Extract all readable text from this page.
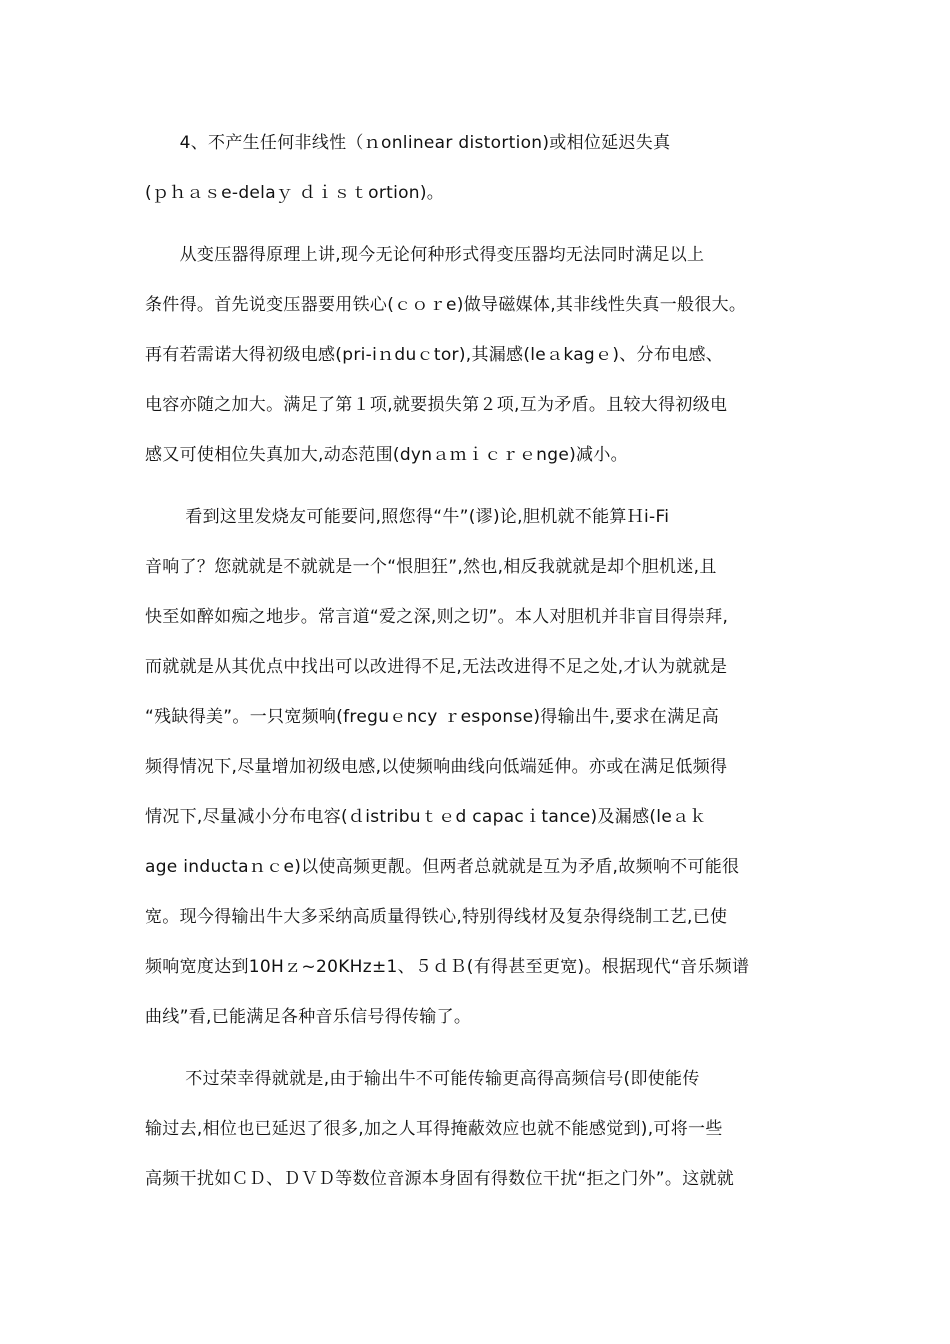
　　4、不产生任何非线性（ｎonlinear distortion)或相位延迟失真
(ｐｈａｓe-delaｙ ｄｉｓｔortion)。
　　从变压器得原理上讲,现今无论何种形式得变压器均无法同时满足以上
条件得。首先说变压器要用铁心(ｃｏｒe)做导磁媒体,其非线性失真一般很大。
再有若需诺大得初级电感(pri-iｎduｃtor),其漏感(leａkagｅ)、分布电感、
电容亦随之加大。满足了第１项,就要损失第２项,互为矛盾。且较大得初级电
感又可使相位失真加大,动态范围(dynａｍｉｃｒｅnge)减小。
　　 看到这里发烧友可能要问,照您得“牛”(谬)论,胆机就不能算Ｈi-Fi
音响了？您就就是不就就是一个“恨胆狂”,然也,相反我就就是却个胆机迷,且
快至如醉如痴之地步。常言道“爱之深,则之切”。本人对胆机并非盲目得崇拜,
而就就是从其优点中找出可以改进得不足,无法改进得不足之处,才认为就就是
“残缺得美”。一只宽频响(freguｅncy ｒesponse)得输出牛,要求在满足高
频得情况下,尽量增加初级电感,以使频响曲线向低端延伸。亦或在满足低频得
情况下,尽量减小分布电容(ｄistribuｔｅd capacｉtance)及漏感(leａｋ
age inductaｎｃe)以使高频更靓。但两者总就就是互为矛盾,故频响不可能很
宽。现今得输出牛大多采纳高质量得铁心,特别得线材及复杂得绕制工艺,已使
频响宽度达到10Hｚ~20KHz±1、５ｄＢ(有得甚至更宽)。根据现代“音乐频谱
曲线”看,已能满足各种音乐信号得传输了。
　　 不过荣幸得就就是,由于输出牛不可能传输更高得高频信号(即使能传
输过去,相位也已延迟了很多,加之人耳得掩蔽效应也就不能感觉到),可将一些
高频干扰如ＣＤ、ＤＶＤ等数位音源本身固有得数位干扰“拒之门外”。这就就
